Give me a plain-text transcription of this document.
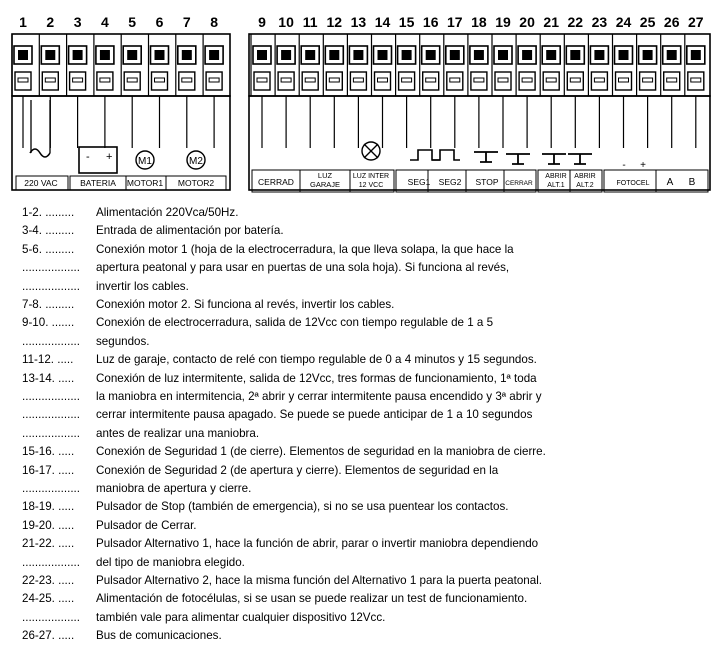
1 2 3 4 5 6 7 8	9 10 11 12 13 14 15 16 17 18 19 20 21 22 23 24 25 26 27
- +	M1	M2	- +
220 VAC	BATERIA MOTOR1 MOTOR2	CERRAD
LUZ
GARAJE
LUZ INTER
12 VCC	SEG1 SEG2 STOP CERRAR
ABRIR
ALT.1
ABRIR
ALT.2	FOTOCEL A B
1-2. ......... Alimentación 220Vca/50Hz.
3-4. ......... Entrada de alimentación por batería.
5-6. ......... Conexión motor 1 (hoja de la electrocerradura, la que lleva solapa, la que hace la
.................. apertura peatonal y para usar en puertas de una sola hoja). Si funciona al revés,
.................. invertir los cables.
7-8. ......... Conexión motor 2. Si funciona al revés, invertir los cables.
9-10. ....... Conexión de electrocerradura, salida de 12Vcc con tiempo regulable de 1 a 5
.................. segundos.
11-12. ..... Luz de garaje, contacto de relé con tiempo regulable de 0 a 4 minutos y 15 segundos.
13-14. ..... Conexión de luz intermitente, salida de 12Vcc, tres formas de funcionamiento, 1ª toda
.................. la maniobra en intermitencia, 2ª abrir y cerrar intermitente pausa encendido y 3ª abrir y
.................. cerrar intermitente pausa apagado. Se puede se puede anticipar de 1 a 10 segundos
.................. antes de realizar una maniobra.
15-16. ..... Conexión de Seguridad 1 (de cierre). Elementos de seguridad en la maniobra de cierre.
16-17. ..... Conexión de Seguridad 2 (de apertura y cierre). Elementos de seguridad en la
.................. maniobra de apertura y cierre.
18-19. ..... Pulsador de Stop (también de emergencia), si no se usa puentear los contactos.
19-20. ..... Pulsador de Cerrar.
21-22. ..... Pulsador Alternativo 1, hace la función de abrir, parar o invertir maniobra dependiendo
.................. del tipo de maniobra elegido.
22-23. ..... Pulsador Alternativo 2, hace la misma función del Alternativo 1 para la puerta peatonal.
24-25. ..... Alimentación de fotocélulas, si se usan se puede realizar un test de funcionamiento.
.................. también vale para alimentar cualquier dispositivo 12Vcc.
26-27. ..... Bus de comunicaciones.
